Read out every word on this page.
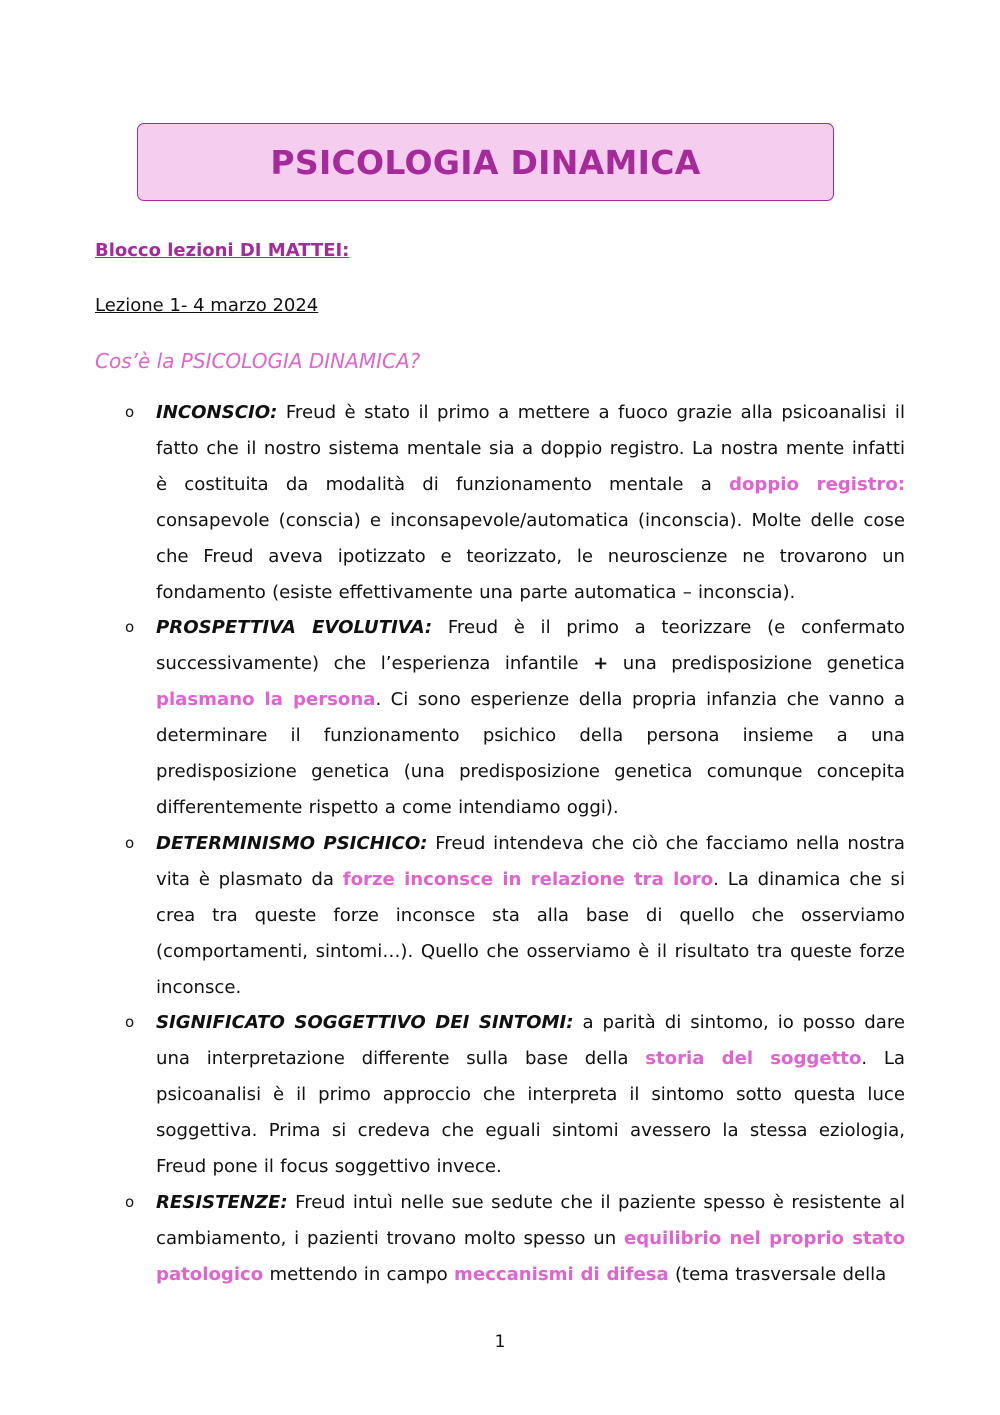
PSICOLOGIA DINAMICA
Blocco lezioni DI MATTEI:
Lezione 1- 4 marzo 2024
Cos’è la PSICOLOGIA DINAMICA?
o INCONSCIO: Freud è stato il primo a mettere a fuoco grazie alla psicoanalisi il fatto che il nostro sistema mentale sia a doppio registro. La nostra mente infatti è costituita da modalità di funzionamento mentale a doppio registro: consapevole (conscia) e inconsapevole/automatica (inconscia). Molte delle cose che Freud aveva ipotizzato e teorizzato, le neuroscienze ne trovarono un fondamento (esiste effettivamente una parte automatica – inconscia).
o PROSPETTIVA EVOLUTIVA: Freud è il primo a teorizzare (e confermato successivamente) che l’esperienza infantile + una predisposizione genetica plasmano la persona. Ci sono esperienze della propria infanzia che vanno a determinare il funzionamento psichico della persona insieme a una predisposizione genetica (una predisposizione genetica comunque concepita differentemente rispetto a come intendiamo oggi).
o DETERMINISMO PSICHICO: Freud intendeva che ciò che facciamo nella nostra vita è plasmato da forze inconsce in relazione tra loro. La dinamica che si crea tra queste forze inconsce sta alla base di quello che osserviamo (comportamenti, sintomi…). Quello che osserviamo è il risultato tra queste forze inconsce.
o SIGNIFICATO SOGGETTIVO DEI SINTOMI: a parità di sintomo, io posso dare una interpretazione differente sulla base della storia del soggetto. La psicoanalisi è il primo approccio che interpreta il sintomo sotto questa luce soggettiva. Prima si credeva che eguali sintomi avessero la stessa eziologia, Freud pone il focus soggettivo invece.
o RESISTENZE: Freud intuì nelle sue sedute che il paziente spesso è resistente al cambiamento, i pazienti trovano molto spesso un equilibrio nel proprio stato patologico mettendo in campo meccanismi di difesa (tema trasversale della
1
